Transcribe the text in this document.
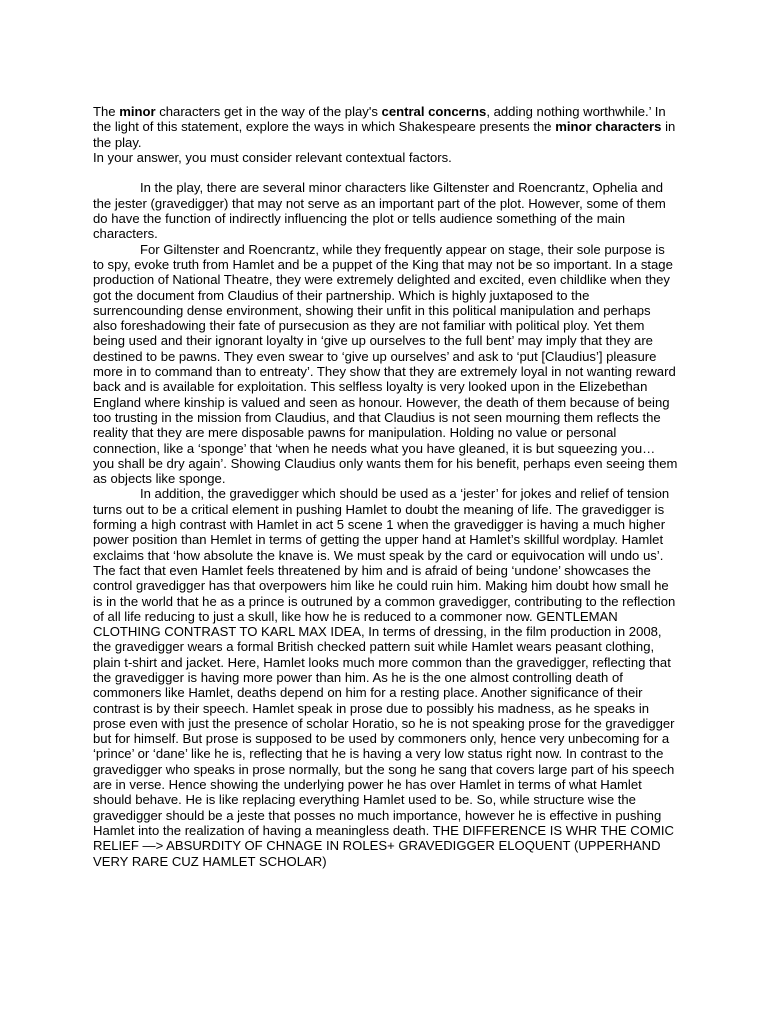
The minor characters get in the way of the play's central concerns, adding nothing worthwhile.’ In the light of this statement, explore the ways in which Shakespeare presents the minor characters in the play.

In your answer, you must consider relevant contextual factors.

In the play, there are several minor characters like Giltenster and Roencrantz, Ophelia and the jester (gravedigger) that may not serve as an important part of the plot. However, some of them do have the function of indirectly influencing the plot or tells audience something of the main characters.

For Giltenster and Roencrantz, while they frequently appear on stage, their sole purpose is to spy, evoke truth from Hamlet and be a puppet of the King that may not be so important. In a stage production of National Theatre, they were extremely delighted and excited, even childlike when they got the document from Claudius of their partnership. Which is highly juxtaposed to the surrencounding dense environment, showing their unfit in this political manipulation and perhaps also foreshadowing their fate of pursecusion as they are not familiar with political ploy. Yet them being used and their ignorant loyalty in ‘give up ourselves to the full bent’ may imply that they are destined to be pawns. They even swear to ‘give up ourselves’ and ask to ‘put [Claudius’] pleasure more in to command than to entreaty’. They show that they are extremely loyal in not wanting reward back and is available for exploitation. This selfless loyalty is very looked upon in the Elizebethan England where kinship is valued and seen as honour. However, the death of them because of being too trusting in the mission from Claudius, and that Claudius is not seen mourning them reflects the reality that they are mere disposable pawns for manipulation. Holding no value or personal connection, like a ‘sponge’ that ‘when he needs what you have gleaned, it is but squeezing you… you shall be dry again’. Showing Claudius only wants them for his benefit, perhaps even seeing them as objects like sponge.

In addition, the gravedigger which should be used as a ‘jester’ for jokes and relief of tension turns out to be a critical element in pushing Hamlet to doubt the meaning of life. The gravedigger is forming a high contrast with Hamlet in act 5 scene 1 when the gravedigger is having a much higher power position than Hemlet in terms of getting the upper hand at Hamlet’s skillful wordplay. Hamlet exclaims that ‘how absolute the knave is. We must speak by the card or equivocation will undo us’. The fact that even Hamlet feels threatened by him and is afraid of being ‘undone’ showcases the control gravedigger has that overpowers him like he could ruin him. Making him doubt how small he is in the world that he as a prince is outruned by a common gravedigger, contributing to the reflection of all life reducing to just a skull, like how he is reduced to a commoner now. GENTLEMAN CLOTHING CONTRAST TO KARL MAX IDEA, In terms of dressing, in the film production in 2008, the gravedigger wears a formal British checked pattern suit while Hamlet wears peasant clothing, plain t-shirt and jacket. Here, Hamlet looks much more common than the gravedigger, reflecting that the gravedigger is having more power than him. As he is the one almost controlling death of commoners like Hamlet, deaths depend on him for a resting place. Another significance of their contrast is by their speech. Hamlet speak in prose due to possibly his madness, as he speaks in prose even with just the presence of scholar Horatio, so he is not speaking prose for the gravedigger but for himself. But prose is supposed to be used by commoners only, hence very unbecoming for a ‘prince’ or ‘dane’ like he is, reflecting that he is having a very low status right now. In contrast to the gravedigger who speaks in prose normally, but the song he sang that covers large part of his speech are in verse. Hence showing the underlying power he has over Hamlet in terms of what Hamlet should behave. He is like replacing everything Hamlet used to be. So, while structure wise the gravedigger should be a jeste that posses no much importance, however he is effective in pushing Hamlet into the realization of having a meaningless death. THE DIFFERENCE IS WHR THE COMIC RELIEF —> ABSURDITY OF CHNAGE IN ROLES+ GRAVEDIGGER ELOQUENT (UPPERHAND VERY RARE CUZ HAMLET SCHOLAR)
